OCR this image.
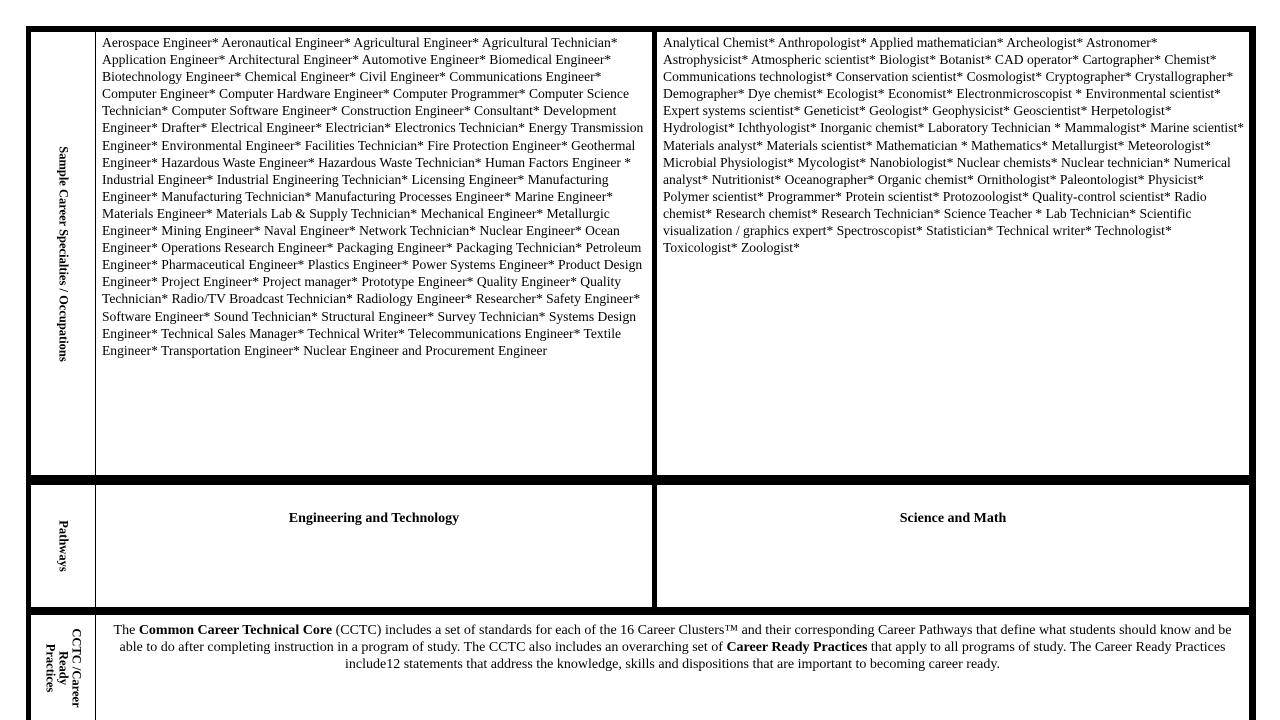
Sample Career Specialties / Occupations
Aerospace Engineer* Aeronautical Engineer* Agricultural Engineer* Agricultural Technician* Application Engineer* Architectural Engineer* Automotive Engineer* Biomedical Engineer* Biotechnology Engineer* Chemical Engineer* Civil Engineer* Communications Engineer* Computer Engineer* Computer Hardware Engineer* Computer Programmer* Computer Science Technician* Computer Software Engineer* Construction Engineer* Consultant* Development Engineer* Drafter* Electrical Engineer* Electrician* Electronics Technician* Energy Transmission Engineer* Environmental Engineer* Facilities Technician* Fire Protection Engineer* Geothermal Engineer* Hazardous Waste Engineer* Hazardous Waste Technician* Human Factors Engineer * Industrial Engineer* Industrial Engineering Technician* Licensing Engineer* Manufacturing Engineer* Manufacturing Technician* Manufacturing Processes Engineer* Marine Engineer* Materials Engineer* Materials Lab & Supply Technician* Mechanical Engineer* Metallurgic Engineer* Mining Engineer* Naval Engineer* Network Technician* Nuclear Engineer* Ocean Engineer* Operations Research Engineer* Packaging Engineer* Packaging Technician* Petroleum Engineer* Pharmaceutical Engineer* Plastics Engineer* Power Systems Engineer* Product Design Engineer* Project Engineer* Project manager* Prototype Engineer* Quality Engineer* Quality Technician* Radio/TV Broadcast Technician* Radiology Engineer* Researcher* Safety Engineer* Software Engineer* Sound Technician* Structural Engineer* Survey Technician* Systems Design Engineer* Technical Sales Manager* Technical Writer* Telecommunications Engineer* Textile Engineer* Transportation Engineer* Nuclear Engineer and Procurement Engineer
Analytical Chemist* Anthropologist* Applied mathematician* Archeologist* Astronomer* Astrophysicist* Atmospheric scientist* Biologist* Botanist* CAD operator* Cartographer* Chemist* Communications technologist* Conservation scientist* Cosmologist* Cryptographer* Crystallographer* Demographer* Dye chemist* Ecologist* Economist* Electronmicroscopist * Environmental scientist* Expert systems scientist* Geneticist* Geologist* Geophysicist* Geoscientist* Herpetologist* Hydrologist* Ichthyologist* Inorganic chemist* Laboratory Technician * Mammalogist* Marine scientist* Materials analyst* Materials scientist* Mathematician * Mathematics* Metallurgist* Meteorologist* Microbial Physiologist* Mycologist* Nanobiologist* Nuclear chemists* Nuclear technician* Numerical analyst* Nutritionist* Oceanographer* Organic chemist* Ornithologist* Paleontologist* Physicist* Polymer scientist* Programmer* Protein scientist* Protozoologist* Quality-control scientist* Radio chemist* Research chemist* Research Technician* Science Teacher * Lab Technician* Scientific visualization / graphics expert* Spectroscopist* Statistician* Technical writer* Technologist* Toxicologist* Zoologist*
Pathways
Engineering and Technology	Science and Math
CCTC /Career
Ready
Practices
The Common Career Technical Core (CCTC) includes a set of standards for each of the 16 Career Clusters™ and their corresponding Career Pathways that define what students should know and be able to do after completing instruction in a program of study. The CCTC also includes an overarching set of Career Ready Practices that apply to all programs of study. The Career Ready Practices include12 statements that address the knowledge, skills and dispositions that are important to becoming career ready.
